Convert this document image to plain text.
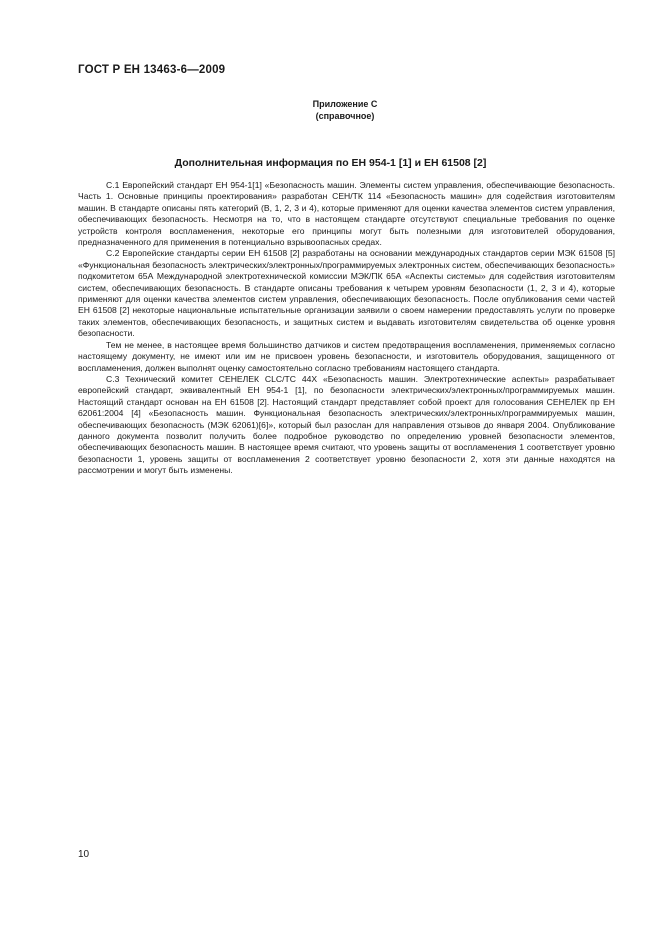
ГОСТ Р ЕН 13463-6—2009
Приложение С
(справочное)
Дополнительная информация по ЕН 954-1 [1] и ЕН 61508 [2]

С.1 Европейский стандарт ЕН 954-1[1] «Безопасность машин. Элементы систем управления, обеспечивающие безопасность. Часть 1. Основные принципы проектирования» разработан СЕН/ТК 114 «Безопасность машин» для содействия изготовителям машин. В стандарте описаны пять категорий (В, 1, 2, 3 и 4), которые применяют для оценки качества элементов систем управления, обеспечивающих безопасность. Несмотря на то, что в настоящем стандарте отсутствуют специальные требования по оценке устройств контроля воспламенения, некоторые его принципы могут быть полезными для изготовителей оборудования, предназначенного для применения в потенциально взрывоопасных средах.

С.2 Европейские стандарты серии ЕН 61508 [2] разработаны на основании международных стандартов серии МЭК 61508 [5] «Функциональная безопасность электрических/электронных/программируемых электронных систем, обеспечивающих безопасность» подкомитетом 65А Международной электротехнической комиссии МЭК/ПК 65А «Аспекты системы» для содействия изготовителям систем, обеспечивающих безопасность. В стандарте описаны требования к четырем уровням безопасности (1, 2, 3 и 4), которые применяют для оценки качества элементов систем управления, обеспечивающих безопасность. После опубликования семи частей ЕН 61508 [2] некоторые национальные испытательные организации заявили о своем намерении предоставлять услуги по проверке таких элементов, обеспечивающих безопасность, и защитных систем и выдавать изготовителям свидетельства об оценке уровня безопасности.

Тем не менее, в настоящее время большинство датчиков и систем предотвращения воспламенения, применяемых согласно настоящему документу, не имеют или им не присвоен уровень безопасности, и изготовитель оборудования, защищенного от воспламенения, должен выполнят оценку самостоятельно согласно требованиям настоящего стандарта.

С.3 Технический комитет СЕНЕЛЕК CLC/TC 44X «Безопасность машин. Электротехнические аспекты» разрабатывает европейский стандарт, эквивалентный ЕН 954-1 [1], по безопасности электрических/электронных/программируемых машин. Настоящий стандарт основан на ЕН 61508 [2]. Настоящий стандарт представляет собой проект для голосования СЕНЕЛЕК пр ЕН 62061:2004 [4] «Безопасность машин. Функциональная безопасность электрических/электронных/программируемых машин, обеспечивающих безопасность (МЭК 62061)[6]», который был разослан для направления отзывов до января 2004. Опубликование данного документа позволит получить более подробное руководство по определению уровней безопасности элементов, обеспечивающих безопасность машин. В настоящее время считают, что уровень защиты от воспламенения 1 соответствует уровню безопасности 1, уровень защиты от воспламенения 2 соответствует уровню безопасности 2, хотя эти данные находятся на рассмотрении и могут быть изменены.

10
